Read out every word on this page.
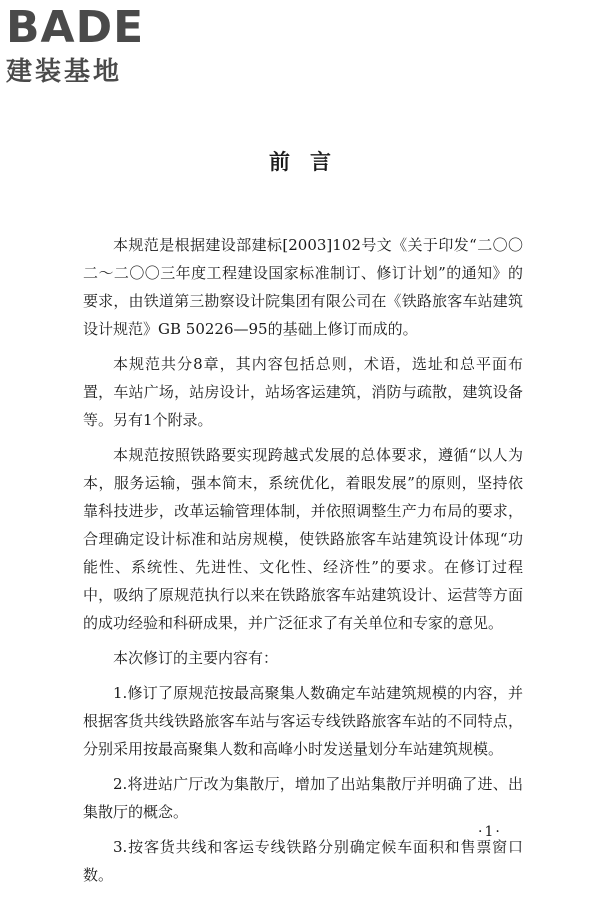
BADE
建装基地
前言

本规范是根据建设部建标[2003]102号文《关于印发“二〇〇二～二〇〇三年度工程建设国家标准制订、修订计划”的通知》的要求，由铁道第三勘察设计院集团有限公司在《铁路旅客车站建筑设计规范》GB 50226—95的基础上修订而成的。

本规范共分8章，其内容包括总则，术语，选址和总平面布置，车站广场，站房设计，站场客运建筑，消防与疏散，建筑设备等。另有1个附录。

本规范按照铁路要实现跨越式发展的总体要求，遵循“以人为本，服务运输，强本简末，系统优化，着眼发展”的原则，坚持依靠科技进步，改革运输管理体制，并依照调整生产力布局的要求，合理确定设计标准和站房规模，使铁路旅客车站建筑设计体现“功能性、系统性、先进性、文化性、经济性”的要求。在修订过程中，吸纳了原规范执行以来在铁路旅客车站建筑设计、运营等方面的成功经验和科研成果，并广泛征求了有关单位和专家的意见。

本次修订的主要内容有：

1.修订了原规范按最高聚集人数确定车站建筑规模的内容，并根据客货共线铁路旅客车站与客运专线铁路旅客车站的不同特点，分别采用按最高聚集人数和高峰小时发送量划分车站建筑规模。

2.将进站广厅改为集散厅，增加了出站集散厅并明确了进、出集散厅的概念。

3.按客货共线和客运专线铁路分别确定候车面积和售票窗口数。

·1·
